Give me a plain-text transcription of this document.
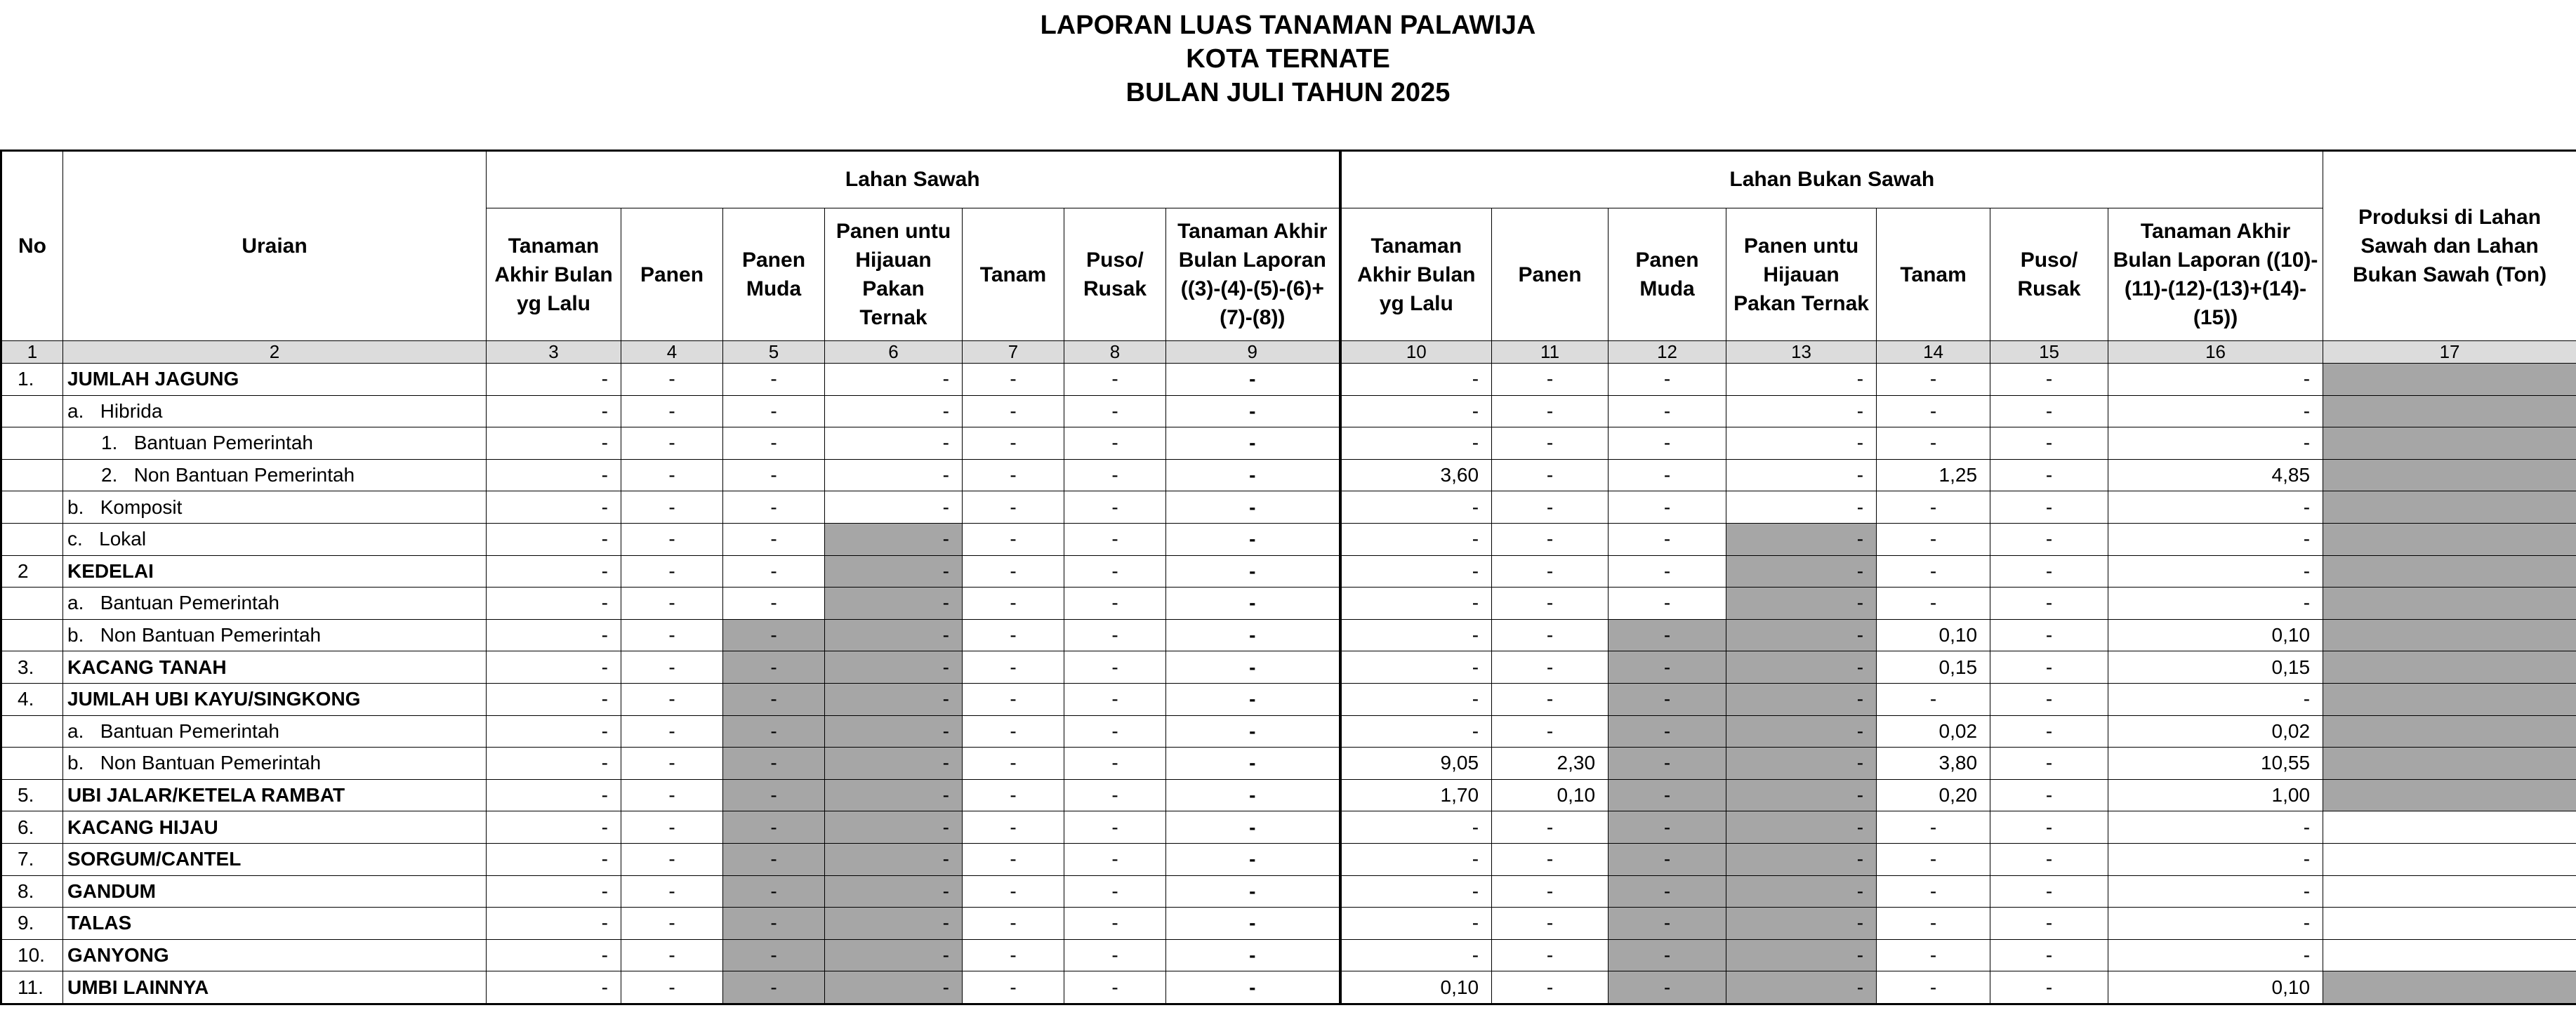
LAPORAN LUAS TANAMAN PALAWIJA
KOTA TERNATE
BULAN JULI TAHUN 2025
No	Uraian	Lahan Sawah							Lahan Bukan Sawah							Produksi di Lahan Sawah dan Lahan Bukan Sawah (Ton)
		Tanaman Akhir Bulan yg Lalu	Panen	Panen Muda	Panen untu Hijauan Pakan Ternak	Tanam	Puso/ Rusak	Tanaman Akhir Bulan Laporan ((3)-(4)-(5)-(6)+(7)-(8))	Tanaman Akhir Bulan yg Lalu	Panen	Panen Muda	Panen untu Hijauan Pakan Ternak	Tanam	Puso/ Rusak	Tanaman Akhir Bulan Laporan ((10)-(11)-(12)-(13)+(14)-(15))	
1	2	3	4	5	6	7	8	9	10	11	12	13	14	15	16	17
1.	JUMLAH JAGUNG	-	-	-	-	-	-	-	-	-	-	-	-	-	-	
	a.   Hibrida	-	-	-	-	-	-	-	-	-	-	-	-	-	-	
	1.   Bantuan Pemerintah	-	-	-	-	-	-	-	-	-	-	-	-	-	-	
	2.   Non Bantuan Pemerintah	-	-	-	-	-	-	-	3,60	-	-	-	1,25	-	4,85	
	b.   Komposit	-	-	-	-	-	-	-	-	-	-	-	-	-	-	
	c.   Lokal	-	-	-	-	-	-	-	-	-	-	-	-	-	-	
2	KEDELAI	-	-	-	-	-	-	-	-	-	-	-	-	-	-	
	a.   Bantuan Pemerintah	-	-	-	-	-	-	-	-	-	-	-	-	-	-	
	b.   Non Bantuan Pemerintah	-	-	-	-	-	-	-	-	-	-	-	0,10	-	0,10	
3.	KACANG TANAH	-	-	-	-	-	-	-	-	-	-	-	0,15	-	0,15	
4.	JUMLAH UBI KAYU/SINGKONG	-	-	-	-	-	-	-	-	-	-	-	-	-	-	
	a.   Bantuan Pemerintah	-	-	-	-	-	-	-	-	-	-	-	0,02	-	0,02	
	b.   Non Bantuan Pemerintah	-	-	-	-	-	-	-	9,05	2,30	-	-	3,80	-	10,55	
5.	UBI JALAR/KETELA RAMBAT	-	-	-	-	-	-	-	1,70	0,10	-	-	0,20	-	1,00	
6.	KACANG HIJAU	-	-	-	-	-	-	-	-	-	-	-	-	-	-	
7.	SORGUM/CANTEL	-	-	-	-	-	-	-	-	-	-	-	-	-	-	
8.	GANDUM	-	-	-	-	-	-	-	-	-	-	-	-	-	-	
9.	TALAS	-	-	-	-	-	-	-	-	-	-	-	-	-	-	
10.	GANYONG	-	-	-	-	-	-	-	-	-	-	-	-	-	-	
11.	UMBI LAINNYA	-	-	-	-	-	-	-	0,10	-	-	-	-	-	0,10	
